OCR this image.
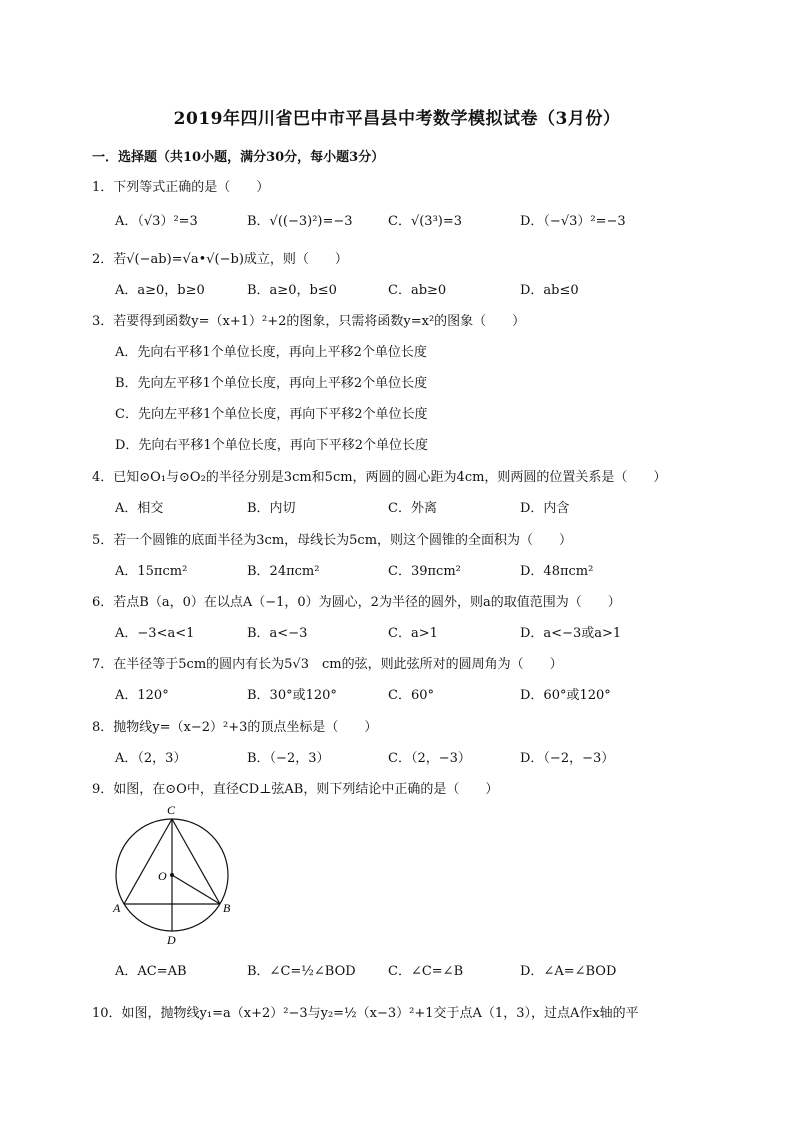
2019年四川省巴中市平昌县中考数学模拟试卷（3月份）
一．选择题（共10小题，满分30分，每小题3分）
1．下列等式正确的是（　　）
A．（√3）²=3	B．√((−3)²)=−3	C．√(3³)=3	D．（−√3）²=−3
2．若√(−ab)=√a•√(−b)成立，则（　　）
A．a≥0，b≥0	B．a≥0，b≤0	C．ab≥0	D．ab≤0
3．若要得到函数y=（x+1）²+2的图象，只需将函数y=x²的图象（　　）
A．先向右平移1个单位长度，再向上平移2个单位长度
B．先向左平移1个单位长度，再向上平移2个单位长度
C．先向左平移1个单位长度，再向下平移2个单位长度
D．先向右平移1个单位长度，再向下平移2个单位长度
4．已知⊙O₁与⊙O₂的半径分别是3cm和5cm，两圆的圆心距为4cm，则两圆的位置关系是（　　）
A．相交	B．内切	C．外离	D．内含
5．若一个圆锥的底面半径为3cm，母线长为5cm，则这个圆锥的全面积为（　　）
A．15πcm²	B．24πcm²	C．39πcm²	D．48πcm²
6．若点B（a，0）在以点A（−1，0）为圆心，2为半径的圆外，则a的取值范围为（　　）
A．−3<a<1	B．a<−3	C．a>1	D．a<−3或a>1
7．在半径等于5cm的圆内有长为5√3　cm的弦，则此弦所对的圆周角为（　　）
A．120°	B．30°或120°	C．60°	D．60°或120°
8．抛物线y=（x−2）²+3的顶点坐标是（　　）
A．（2，3）	B．（−2，3）	C．（2，−3）	D．（−2，−3）
9．如图，在⊙O中，直径CD⊥弦AB，则下列结论中正确的是（　　）
C
O
A	B
D
A．AC=AB	B．∠C=½∠BOD C．∠C=∠B	D．∠A=∠BOD
10．如图，抛物线y₁=a（x+2）²−3与y₂=½（x−3）²+1交于点A（1，3），过点A作x轴的平
